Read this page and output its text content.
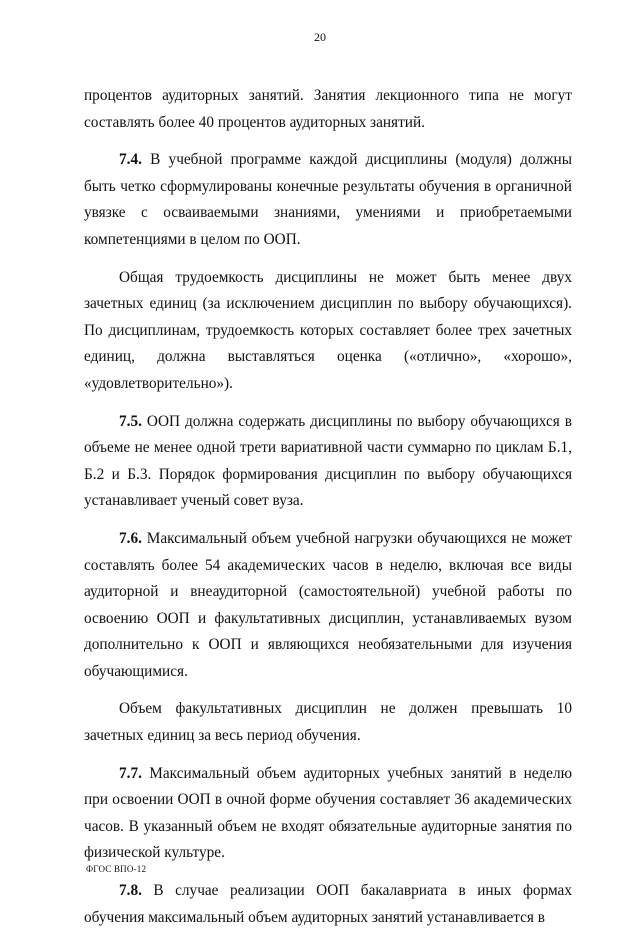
20

процентов аудиторных занятий. Занятия лекционного типа не могут составлять более 40 процентов аудиторных занятий.

7.4. В учебной программе каждой дисциплины (модуля) должны быть четко сформулированы конечные результаты обучения в органичной увязке с осваиваемыми знаниями, умениями и приобретаемыми компетенциями в целом по ООП.

Общая трудоемкость дисциплины не может быть менее двух зачетных единиц (за исключением дисциплин по выбору обучающихся). По дисциплинам, трудоемкость которых составляет более трех зачетных единиц, должна выставляться оценка («отлично», «хорошо», «удовлетворительно»).

7.5. ООП должна содержать дисциплины по выбору обучающихся в объеме не менее одной трети вариативной части суммарно по циклам Б.1, Б.2 и Б.3. Порядок формирования дисциплин по выбору обучающихся устанавливает ученый совет вуза.

7.6. Максимальный объем учебной нагрузки обучающихся не может составлять более 54 академических часов в неделю, включая все виды аудиторной и внеаудиторной (самостоятельной) учебной работы по освоению ООП и факультативных дисциплин, устанавливаемых вузом дополнительно к ООП и являющихся необязательными для изучения обучающимися.

Объем факультативных дисциплин не должен превышать 10 зачетных единиц за весь период обучения.

7.7. Максимальный объем аудиторных учебных занятий в неделю при освоении ООП в очной форме обучения составляет 36 академических часов. В указанный объем не входят обязательные аудиторные занятия по физической культуре.

7.8. В случае реализации ООП бакалавриата в иных формах обучения максимальный объем аудиторных занятий устанавливается в

ФГОС ВПО-12
